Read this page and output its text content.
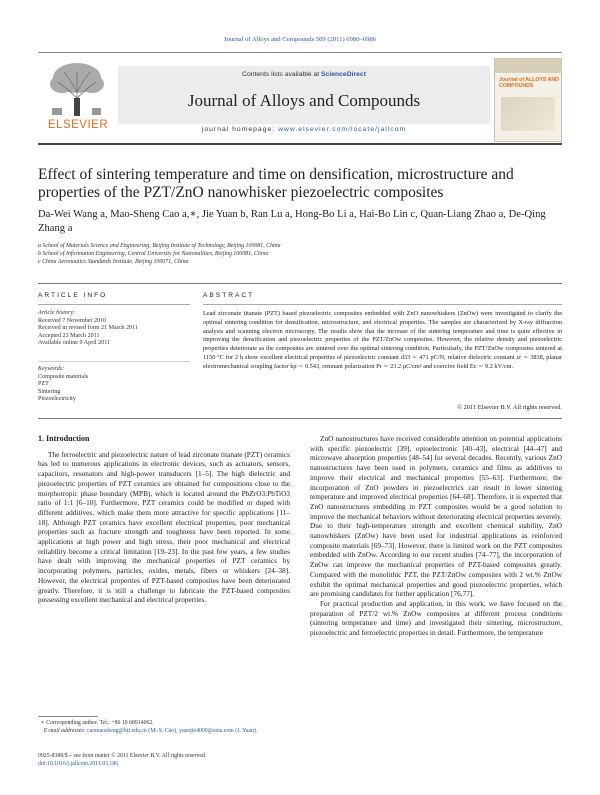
Journal of Alloys and Compounds 509 (2011) 6980–6986
ELSEVIER
Contents lists available at ScienceDirect
Journal of Alloys and Compounds
journal homepage: www.elsevier.com/locate/jallcom
Journal of ALLOYS AND COMPOUNDS
Effect of sintering temperature and time on densification, microstructure and properties of the PZT/ZnO nanowhisker piezoelectric composites
Da-Wei Wang a, Mao-Sheng Cao a,∗, Jie Yuan b, Ran Lu a, Hong-Bo Li a, Hai-Bo Lin c, Quan-Liang Zhao a, De-Qing Zhang a
a School of Materials Science and Engineering, Beijing Institute of Technology, Beijing 100081, China
b School of Information Engineering, Central University for Nationalities, Beijing 100081, China
c China Aeronautics Standards Institute, Beijing 100071, China
ARTICLE INFO	ABSTRACT
Article history:
Received 7 November 2010
Received in revised form 21 March 2011
Accepted 23 March 2011
Available online 9 April 2011
Keywords:
Composite materials
PZT
Sintering
Piezoelectricity
Lead zirconate titanate (PZT) based piezoelectric composites embedded with ZnO nanowhiskers (ZnOw) were investigated to clarify the optimal sintering condition for densification, microstructure, and electrical properties. The samples are characterized by X-ray diffraction analysis and scanning electron microscopy. The results show that the increase of the sintering temperature and time is quite effective in improving the densification and piezoelectric properties of the PZT/ZnOw composites. However, the relative density and piezoelectric properties deteriorate as the composites are sintered over the optimal sintering condition. Particularly, the PZT/ZnOw composites sintered at 1150 °C for 2 h show excellent electrical properties of piezoelectric constant d33 ∼ 471 pC/N, relative dielectric constant εr ∼ 3838, planar electromechanical coupling factor kp ∼ 0.543, remnant polarization Pr ∼ 23.2 μC/cm² and coercive field Ec ∼ 9.2 kV/cm.
© 2011 Elsevier B.V. All rights reserved.
1. Introduction

The ferroelectric and piezoelectric nature of lead zirconate titanate (PZT) ceramics has led to numerous applications in electronic devices, such as actuators, sensors, capacitors, resonators and high-power transducers [1–5]. The high dielectric and piezoelectric properties of PZT ceramics are obtained for compositions close to the morphotropic phase boundary (MPB), which is located around the PbZrO3:PbTiO3 ratio of 1:1 [6–10]. Furthermore, PZT ceramics could be modified or doped with different additives, which make them more attractive for specific applications [11–18]. Although PZT ceramics have excellent electrical properties, poor mechanical properties such as fracture strength and toughness have been reported. In some applications at high power and high stress, their poor mechanical and electrical reliability become a critical limitation [19–23]. In the past few years, a few studies have dealt with improving the mechanical properties of PZT ceramics by incorporating polymers, particles, oxides, metals, fibers or whiskers [24–38]. However, the electrical properties of PZT-based composites have been deteriorated greatly. Therefore, it is still a challenge to fabricate the PZT-based composites possessing excellent mechanical and electrical properties.

ZnO nanostructures have received considerable attention on potential applications with specific piezoelectric [39], optoelectronic [40–43], electrical [44–47] and microwave absorption properties [48–54] for several decades. Recently, various ZnO nanostructures have been used in polymers, ceramics and films as additives to improve their electrical and mechanical properties [55–63]. Furthermore, the incorporation of ZnO powders in piezoelectrics can result in lower sintering temperature and improved electrical properties [64–68]. Therefore, it is expected that ZnO nanostructures embedding in PZT composites would be a good solution to improve the mechanical behaviors without deteriorating electrical properties severely. Due to their high-temperature strength and excellent chemical stability, ZnO nanowhiskers (ZnOw) have been used for industrial applications as reinforced composite materials [69–73]. However, there is limited work on the PZT composites embedded with ZnOw. According to our recent studies [74–77], the incorporation of ZnOw can improve the mechanical properties of PZT-based composites greatly. Compared with the monolithic PZT, the PZT/ZnOw composites with 2 wt.% ZnOw exhibit the optimal mechanical properties and good piezoelectric properties, which are promising candidates for further application [76,77].

For practical production and application, in this work, we have focused on the preparation of PZT/2 wt.% ZnOw composites at different process conditions (sintering temperature and time) and investigated their sintering, microstructure, piezoelectric and ferroelectric properties in detail. Furthermore, the temperature

∗ Corresponding author. Tel.: +86 10 68914062.
E-mail addresses: caomaosheng@bit.edu.cn (M.-S. Cao), yuanjie4000@sina.com (J. Yuan).
0925-8388/$ – see front matter © 2011 Elsevier B.V. All rights reserved.
doi:10.1016/j.jallcom.2011.03.186
